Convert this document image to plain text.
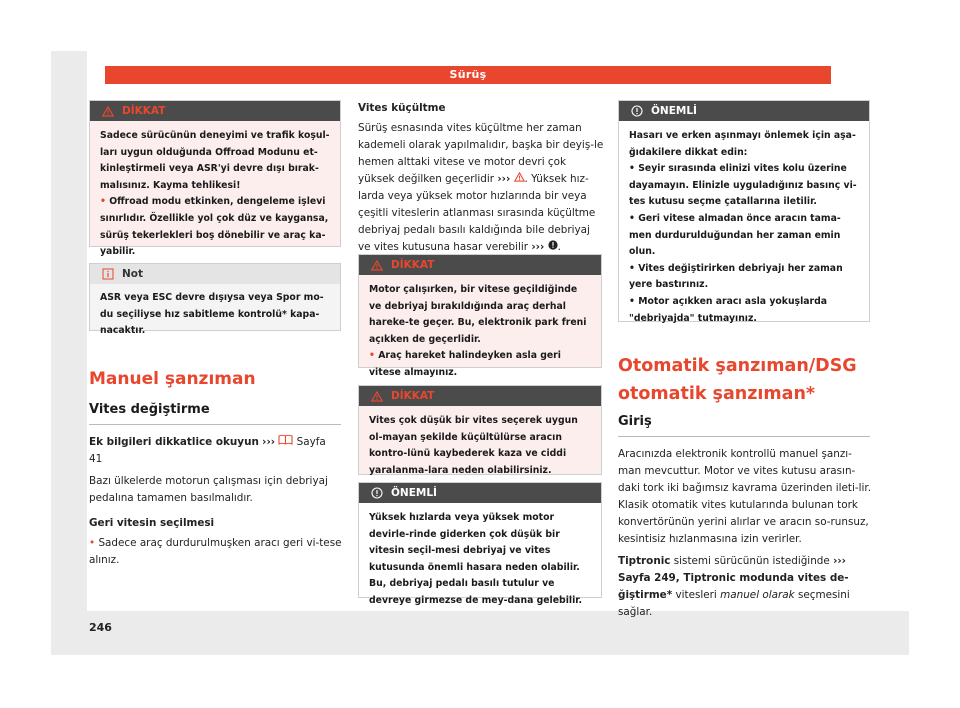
Sürüş
DİKKAT

Sadece sürücünün deneyimi ve trafik koşul-ları uygun olduğunda Offroad Modunu et-kinleştirmeli veya ASR'yi devre dışı bırak-malısınız. Kayma tehlikesi!

• Offroad modu etkinken, dengeleme işlevi sınırlıdır. Özellikle yol çok düz ve kaygansa, sürüş tekerlekleri boş dönebilir ve araç ka-yabilir.

Not

ASR veya ESC devre dışıysa veya Spor mo-du seçiliyse hız sabitleme kontrolü* kapa-nacaktır.

Manuel şanzıman
Vites değiştirme

Ek bilgileri dikkatlice okuyun ››› Sayfa
41

Bazı ülkelerde motorun çalışması için debriyaj pedalına tamamen basılmalıdır.

Geri vitesin seçilmesi

• Sadece araç durdurulmuşken aracı geri vi-tese alınız.

246

Vites küçültme

Sürüş esnasında vites küçültme her zaman kademeli olarak yapılmalıdır, başka bir deyiş-le hemen alttaki vitese ve motor devri çok yüksek değilken geçerlidir ››› . Yüksek hız-larda veya yüksek motor hızlarında bir veya çeşitli viteslerin atlanması sırasında küçültme debriyaj pedalı basılı kaldığında bile debriyaj ve vites kutusuna hasar verebilir ››› .

DİKKAT

Motor çalışırken, bir vitese geçildiğinde ve debriyaj bırakıldığında araç derhal hareke-te geçer. Bu, elektronik park freni açıkken de geçerlidir.

• Araç hareket halindeyken asla geri vitese almayınız.

DİKKAT

Vites çok düşük bir vites seçerek uygun ol-mayan şekilde küçültülürse aracın kontro-lünü kaybederek kaza ve ciddi yaralanma-lara neden olabilirsiniz.

ÖNEMLİ

Yüksek hızlarda veya yüksek motor devirle-rinde giderken çok düşük bir vitesin seçil-mesi debriyaj ve vites kutusunda önemli hasara neden olabilir. Bu, debriyaj pedalı basılı tutulur ve devreye girmezse de mey-dana gelebilir.

ÖNEMLİ

Hasarı ve erken aşınmayı önlemek için aşa-ğıdakilere dikkat edin:

• Seyir sırasında elinizi vites kolu üzerine dayamayın. Elinizle uyguladığınız basınç vi-tes kutusu seçme çatallarına iletilir.

• Geri vitese almadan önce aracın tama-men durdurulduğundan her zaman emin olun.

• Vites değiştirirken debriyajı her zaman yere bastırınız.

• Motor açıkken aracı asla yokuşlarda "debriyajda" tutmayınız.

Otomatik şanzıman/DSG
otomatik şanzıman*
Giriş

Aracınızda elektronik kontrollü manuel şanzı-man mevcuttur. Motor ve vites kutusu arasın-daki tork iki bağımsız kavrama üzerinden ileti-lir. Klasik otomatik vites kutularında bulunan tork konvertörünün yerini alırlar ve aracın so-runsuz, kesintisiz hızlanmasına izin verirler.

Tiptronic sistemi sürücünün istediğinde ››› Sayfa 249, Tiptronic modunda vites de-ğiştirme* vitesleri manuel olarak seçmesini sağlar.
